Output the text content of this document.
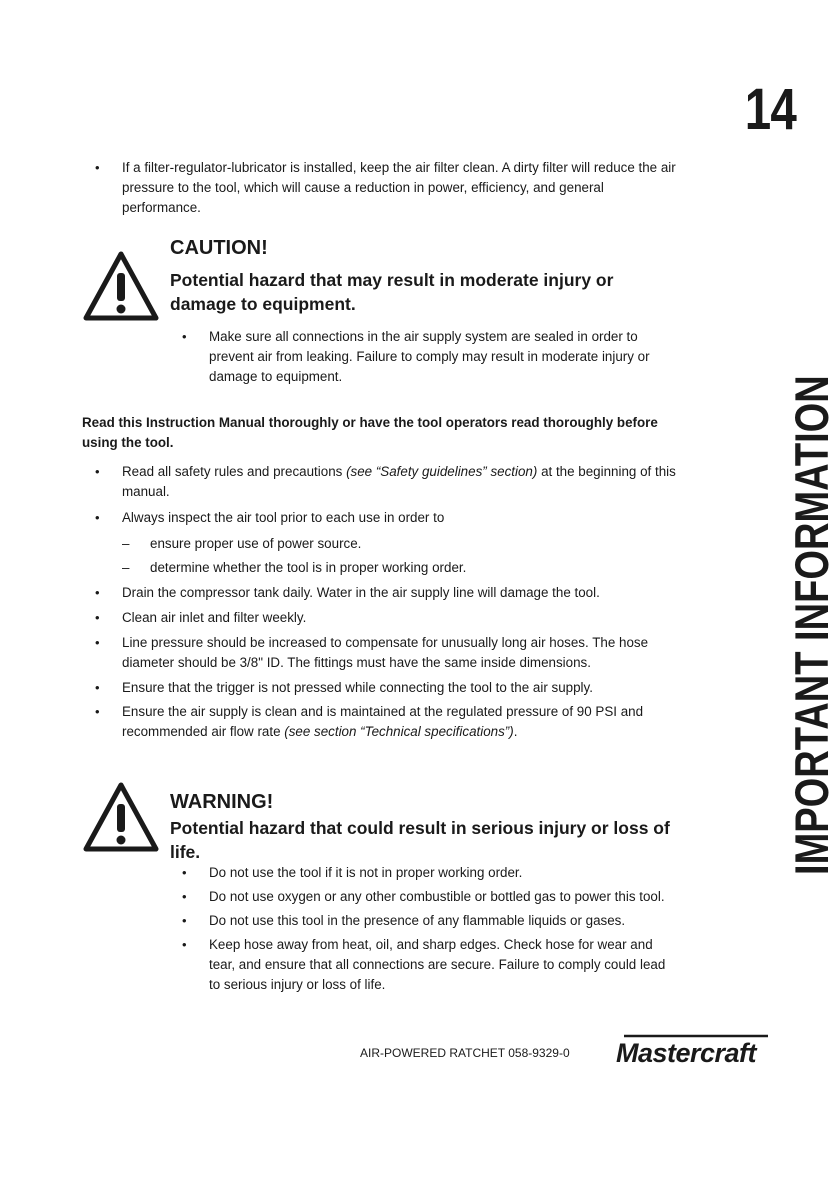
14
IMPORTANT INFORMATION
• If a filter-regulator-lubricator is installed, keep the air filter clean. A dirty filter will reduce the air pressure to the tool, which will cause a reduction in power, efficiency, and general performance.
CAUTION!
Potential hazard that may result in moderate injury or damage to equipment.
• Make sure all connections in the air supply system are sealed in order to prevent air from leaking. Failure to comply may result in moderate injury or damage to equipment.
Read this Instruction Manual thoroughly or have the tool operators read thoroughly before using the tool.
• Read all safety rules and precautions (see “Safety guidelines” section) at the beginning of this manual.
• Always inspect the air tool prior to each use in order to
– ensure proper use of power source.
– determine whether the tool is in proper working order.
• Drain the compressor tank daily. Water in the air supply line will damage the tool.
• Clean air inlet and filter weekly.
• Line pressure should be increased to compensate for unusually long air hoses. The hose diameter should be 3/8" ID. The fittings must have the same inside dimensions.
• Ensure that the trigger is not pressed while connecting the tool to the air supply.
• Ensure the air supply is clean and is maintained at the regulated pressure of 90 PSI and recommended air flow rate (see section “Technical specifications”).
WARNING!
Potential hazard that could result in serious injury or loss of life.
• Do not use the tool if it is not in proper working order.
• Do not use oxygen or any other combustible or bottled gas to power this tool.
• Do not use this tool in the presence of any flammable liquids or gases.
• Keep hose away from heat, oil, and sharp edges. Check hose for wear and tear, and ensure that all connections are secure. Failure to comply could lead to serious injury or loss of life.
AIR-POWERED RATCHET 058-9329-0 Mastercraft
